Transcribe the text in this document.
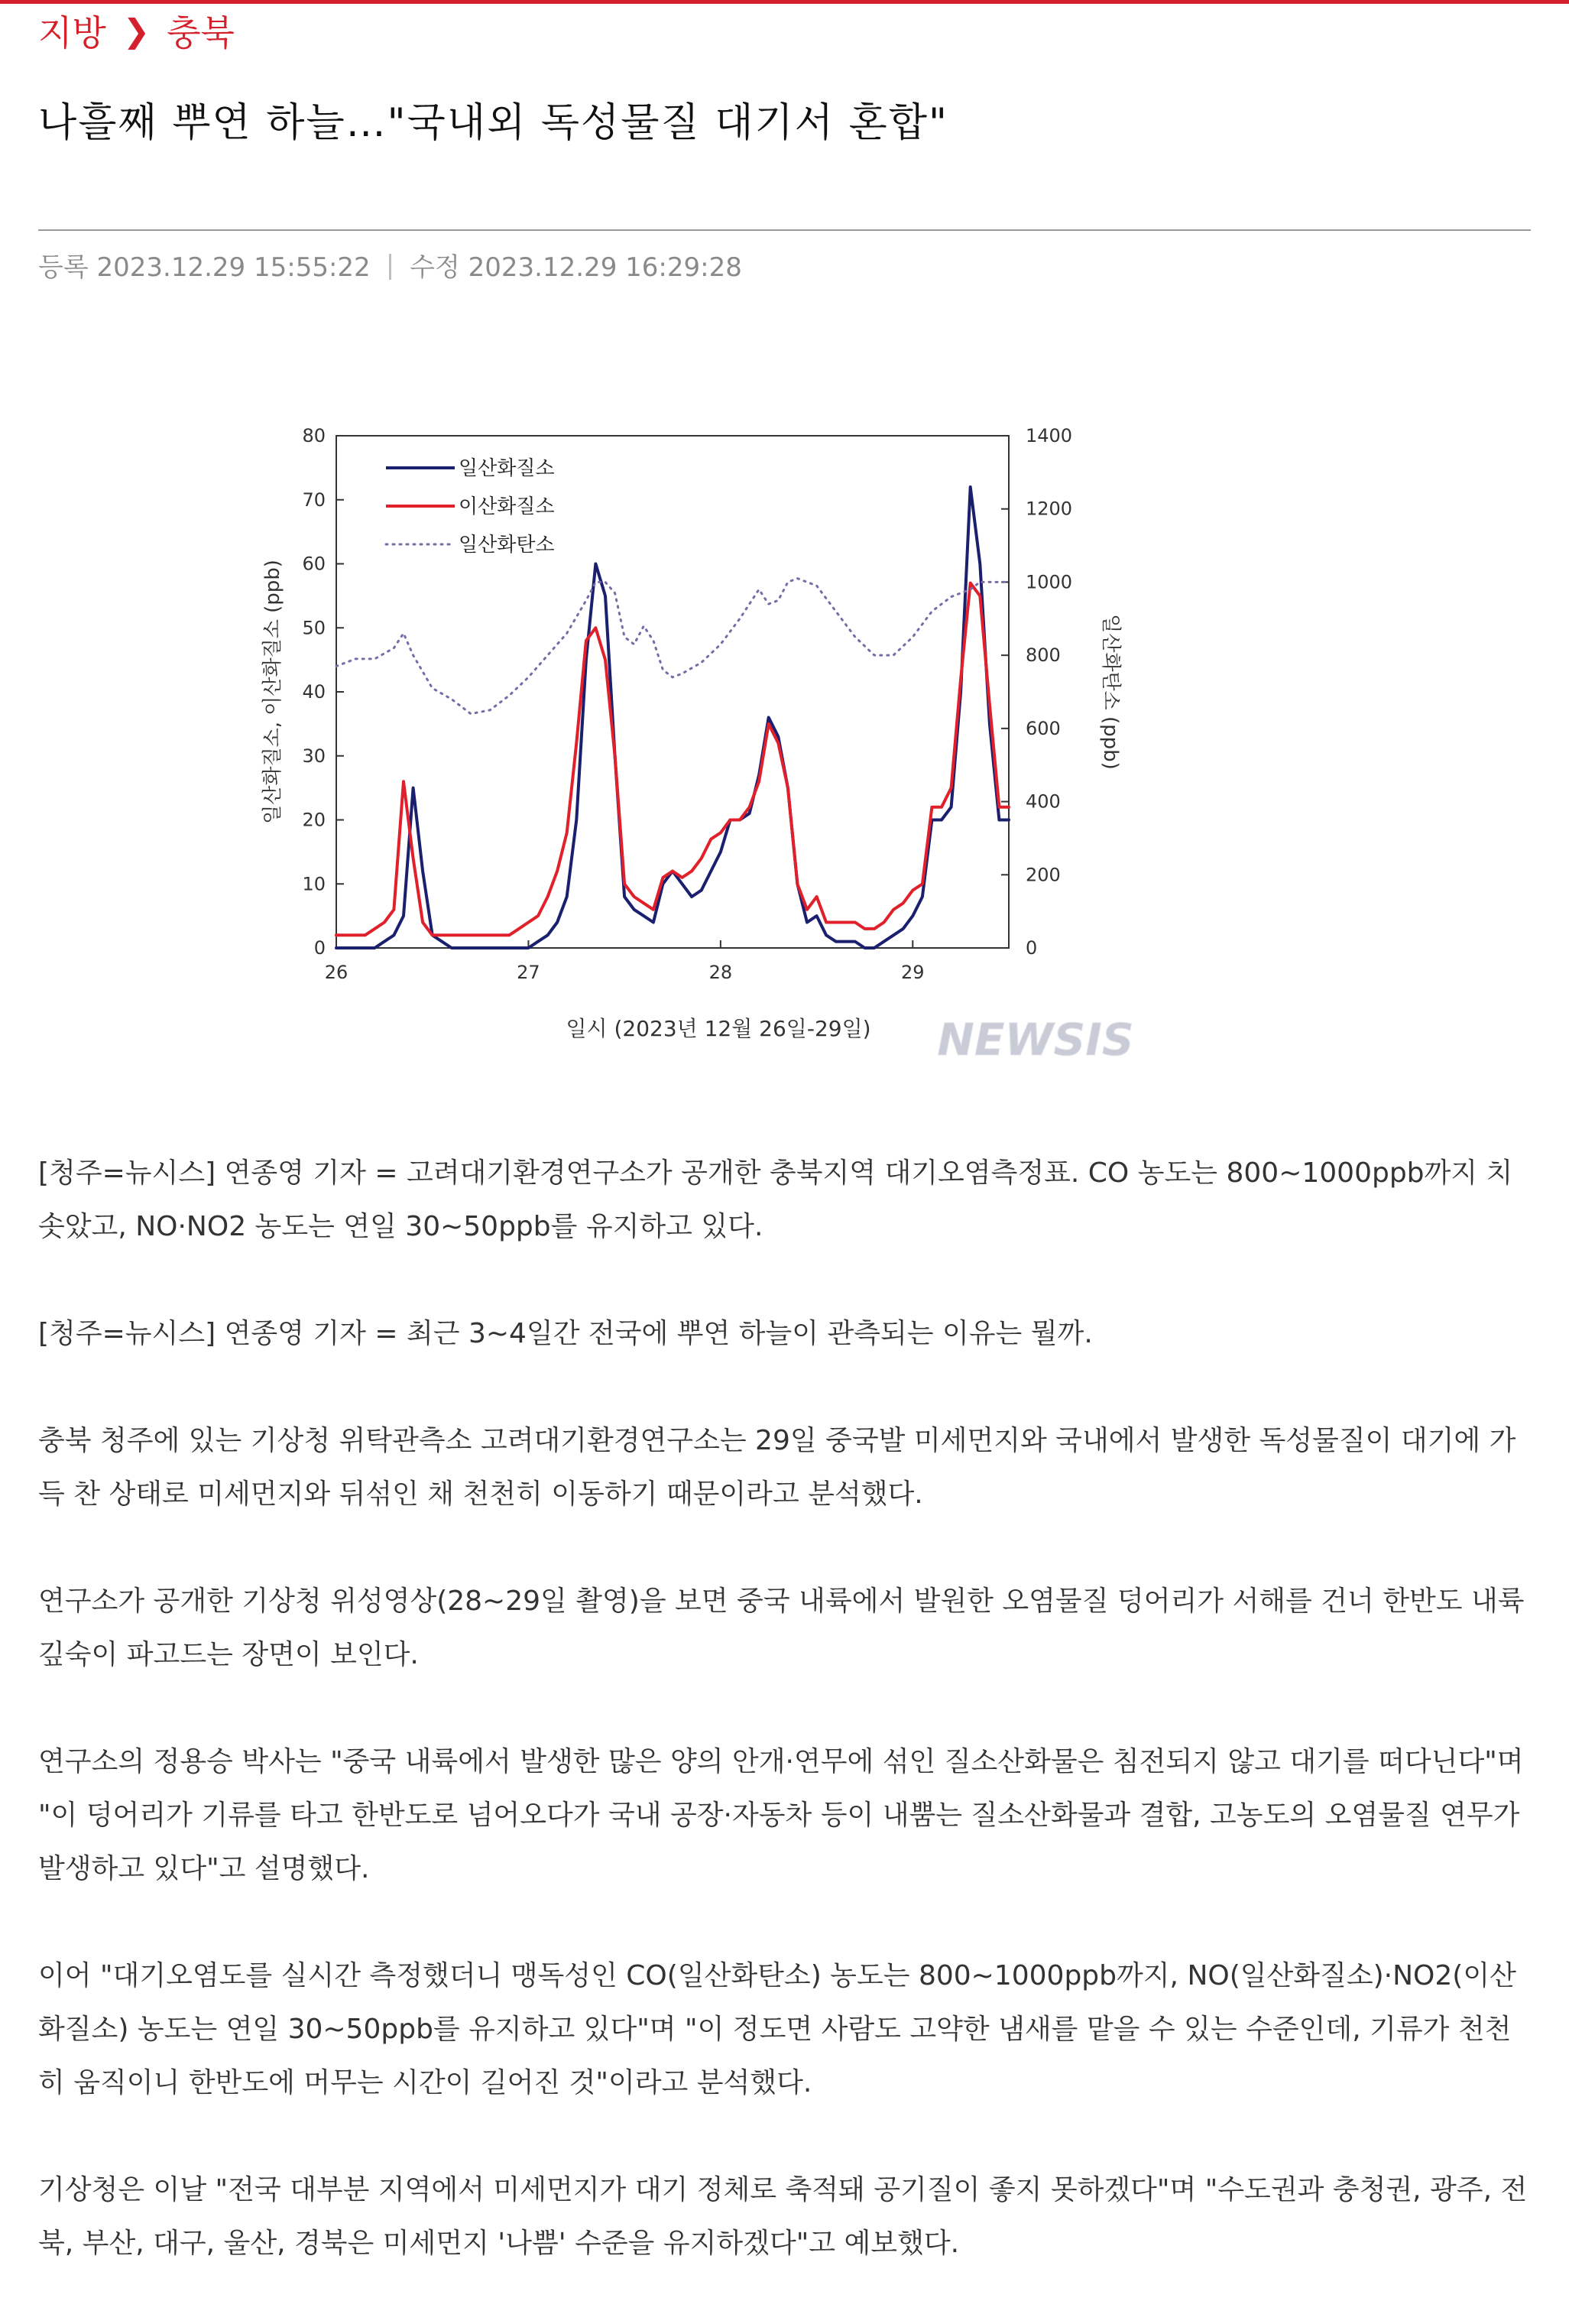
지방 ❯ 충북
나흘째 뿌연 하늘…"국내외 독성물질 대기서 혼합"
등록 2023.12.29 15:55:22 | 수정 2023.12.29 16:29:28
0
10
20
30
40
50
60
70
80
0
200
400
600
800
1000
1200
1400
26	27	28	29
일산화질소, 이산화질소 (ppb)	일산화탄소 (ppb)
일시 (2023년 12월 26일-29일)
일산화질소
이산화질소
일산화탄소
NEWSIS

[청주=뉴시스] 연종영 기자 = 고려대기환경연구소가 공개한 충북지역 대기오염측정표. CO 농도는 800~1000ppb까지 치솟았고, NO·NO2 농도는 연일 30~50ppb를 유지하고 있다.

[청주=뉴시스] 연종영 기자 = 최근 3~4일간 전국에 뿌연 하늘이 관측되는 이유는 뭘까.

충북 청주에 있는 기상청 위탁관측소 고려대기환경연구소는 29일 중국발 미세먼지와 국내에서 발생한 독성물질이 대기에 가득 찬 상태로 미세먼지와 뒤섞인 채 천천히 이동하기 때문이라고 분석했다.

연구소가 공개한 기상청 위성영상(28~29일 촬영)을 보면 중국 내륙에서 발원한 오염물질 덩어리가 서해를 건너 한반도 내륙 깊숙이 파고드는 장면이 보인다.

연구소의 정용승 박사는 "중국 내륙에서 발생한 많은 양의 안개·연무에 섞인 질소산화물은 침전되지 않고 대기를 떠다닌다"며 "이 덩어리가 기류를 타고 한반도로 넘어오다가 국내 공장·자동차 등이 내뿜는 질소산화물과 결합, 고농도의 오염물질 연무가 발생하고 있다"고 설명했다.

이어 "대기오염도를 실시간 측정했더니 맹독성인 CO(일산화탄소) 농도는 800~1000ppb까지, NO(일산화질소)·NO2(이산화질소) 농도는 연일 30~50ppb를 유지하고 있다"며 "이 정도면 사람도 고약한 냄새를 맡을 수 있는 수준인데, 기류가 천천히 움직이니 한반도에 머무는 시간이 길어진 것"이라고 분석했다.

기상청은 이날 "전국 대부분 지역에서 미세먼지가 대기 정체로 축적돼 공기질이 좋지 못하겠다"며 "수도권과 충청권, 광주, 전북, 부산, 대구, 울산, 경북은 미세먼지 '나쁨' 수준을 유지하겠다"고 예보했다.
